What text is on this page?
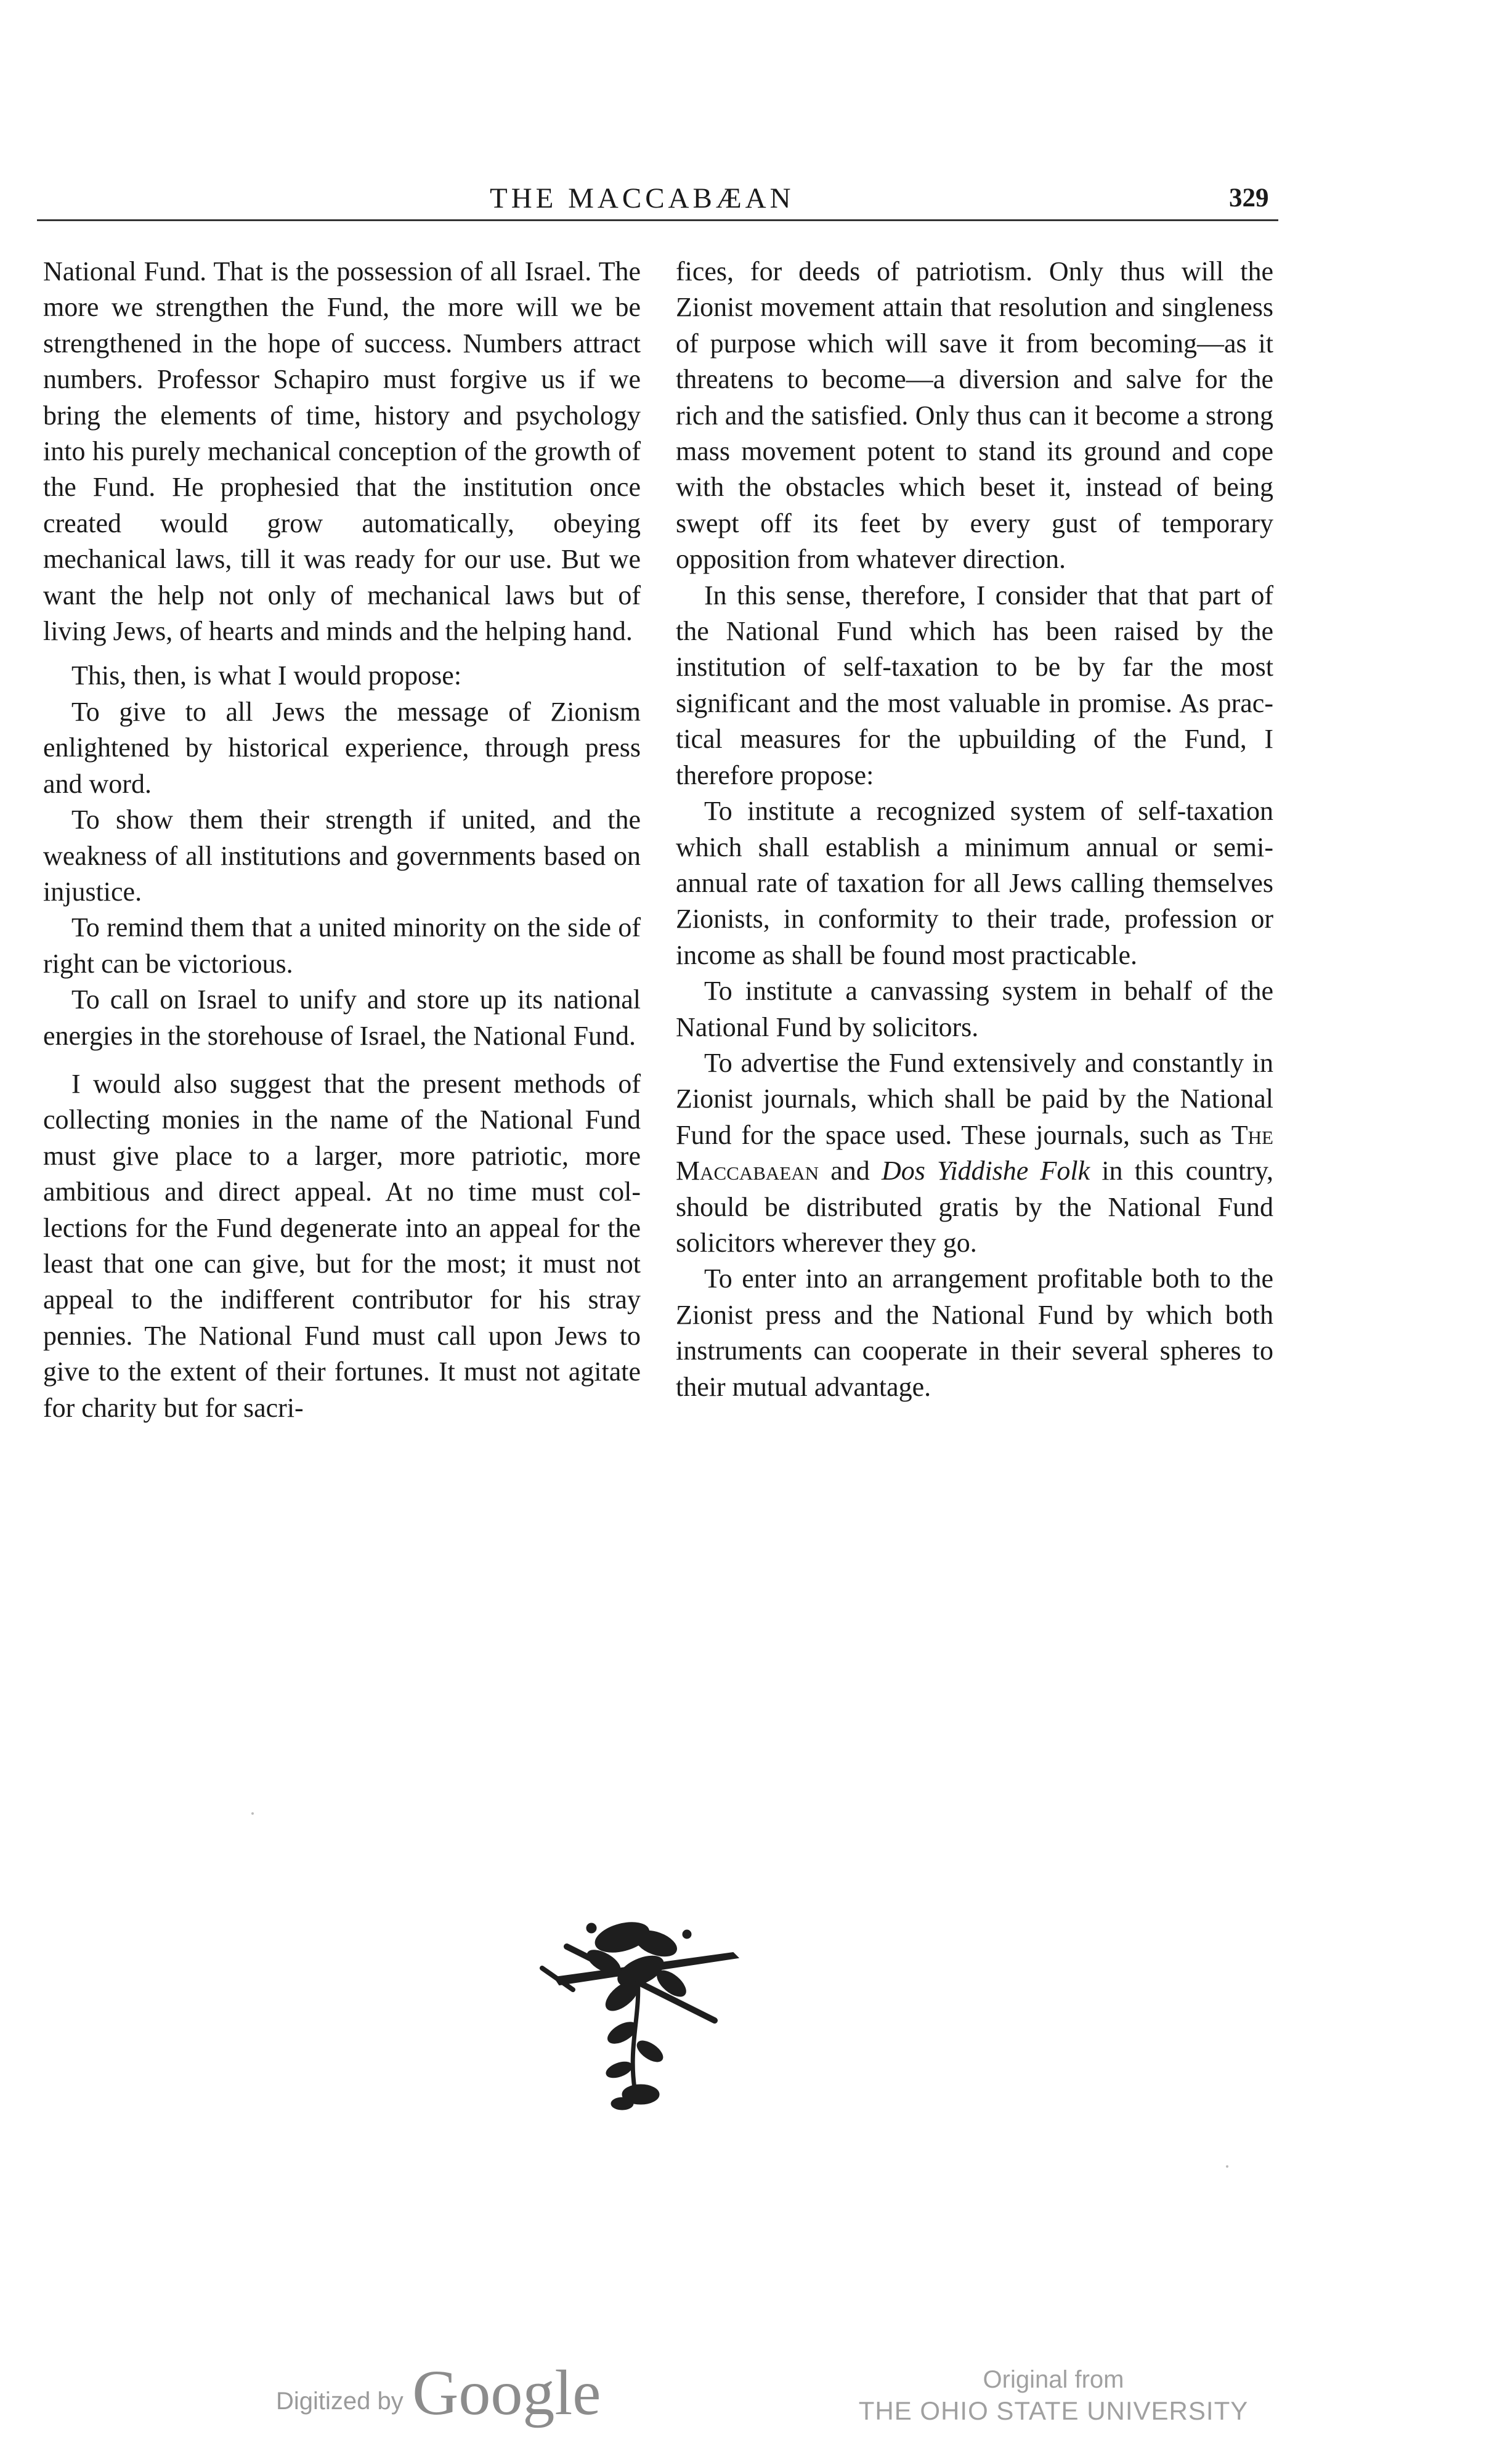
THE MACCABÆAN	329

National Fund. That is the possession of all Israel. The more we strengthen the Fund, the more will we be strengthened in the hope of success. Numbers attract numbers. Professor Schapiro must forgive us if we bring the elements of time, history and psychology into his purely mechanical conception of the growth of the Fund. He prophesied that the institution once created would grow automatically, obeying mechanical laws, till it was ready for our use. But we want the help not only of mechanical laws but of living Jews, of hearts and minds and the helping hand.

This, then, is what I would propose:

To give to all Jews the message of Zionism enlightened by historical experience, through press and word.

To show them their strength if united, and the weakness of all institutions and governments based on injustice.

To remind them that a united minority on the side of right can be victorious.

To call on Israel to unify and store up its national energies in the storehouse of Israel, the National Fund.

I would also suggest that the present methods of collecting monies in the name of the National Fund must give place to a larger, more patriotic, more ambitious and direct appeal. At no time must collections for the Fund degenerate into an appeal for the least that one can give, but for the most; it must not appeal to the indifferent contributor for his stray pennies. The National Fund must call upon Jews to give to the extent of their fortunes. It must not agitate for charity but for sacri-

fices, for deeds of patriotism. Only thus will the Zionist movement attain that resolution and singleness of purpose which will save it from becoming—as it threatens to become—a diversion and salve for the rich and the satisfied. Only thus can it become a strong mass movement potent to stand its ground and cope with the obstacles which beset it, instead of being swept off its feet by every gust of temporary opposition from whatever direction.

In this sense, therefore, I consider that that part of the National Fund which has been raised by the institution of self-taxation to be by far the most significant and the most valuable in promise. As practical measures for the upbuilding of the Fund, I therefore propose:

To institute a recognized system of self-taxation which shall establish a minimum annual or semi-annual rate of taxation for all Jews calling themselves Zionists, in conformity to their trade, profession or income as shall be found most practicable.

To institute a canvassing system in behalf of the National Fund by solicitors.

To advertise the Fund extensively and constantly in Zionist journals, which shall be paid by the National Fund for the space used. These journals, such as The Maccabaean and Dos Yiddishe Folk in this country, should be distributed gratis by the National Fund solicitors wherever they go.

To enter into an arrangement profitable both to the Zionist press and the National Fund by which both instruments can cooperate in their several spheres to their mutual advantage.

Digitized by Google	Original from
THE OHIO STATE UNIVERSITY
